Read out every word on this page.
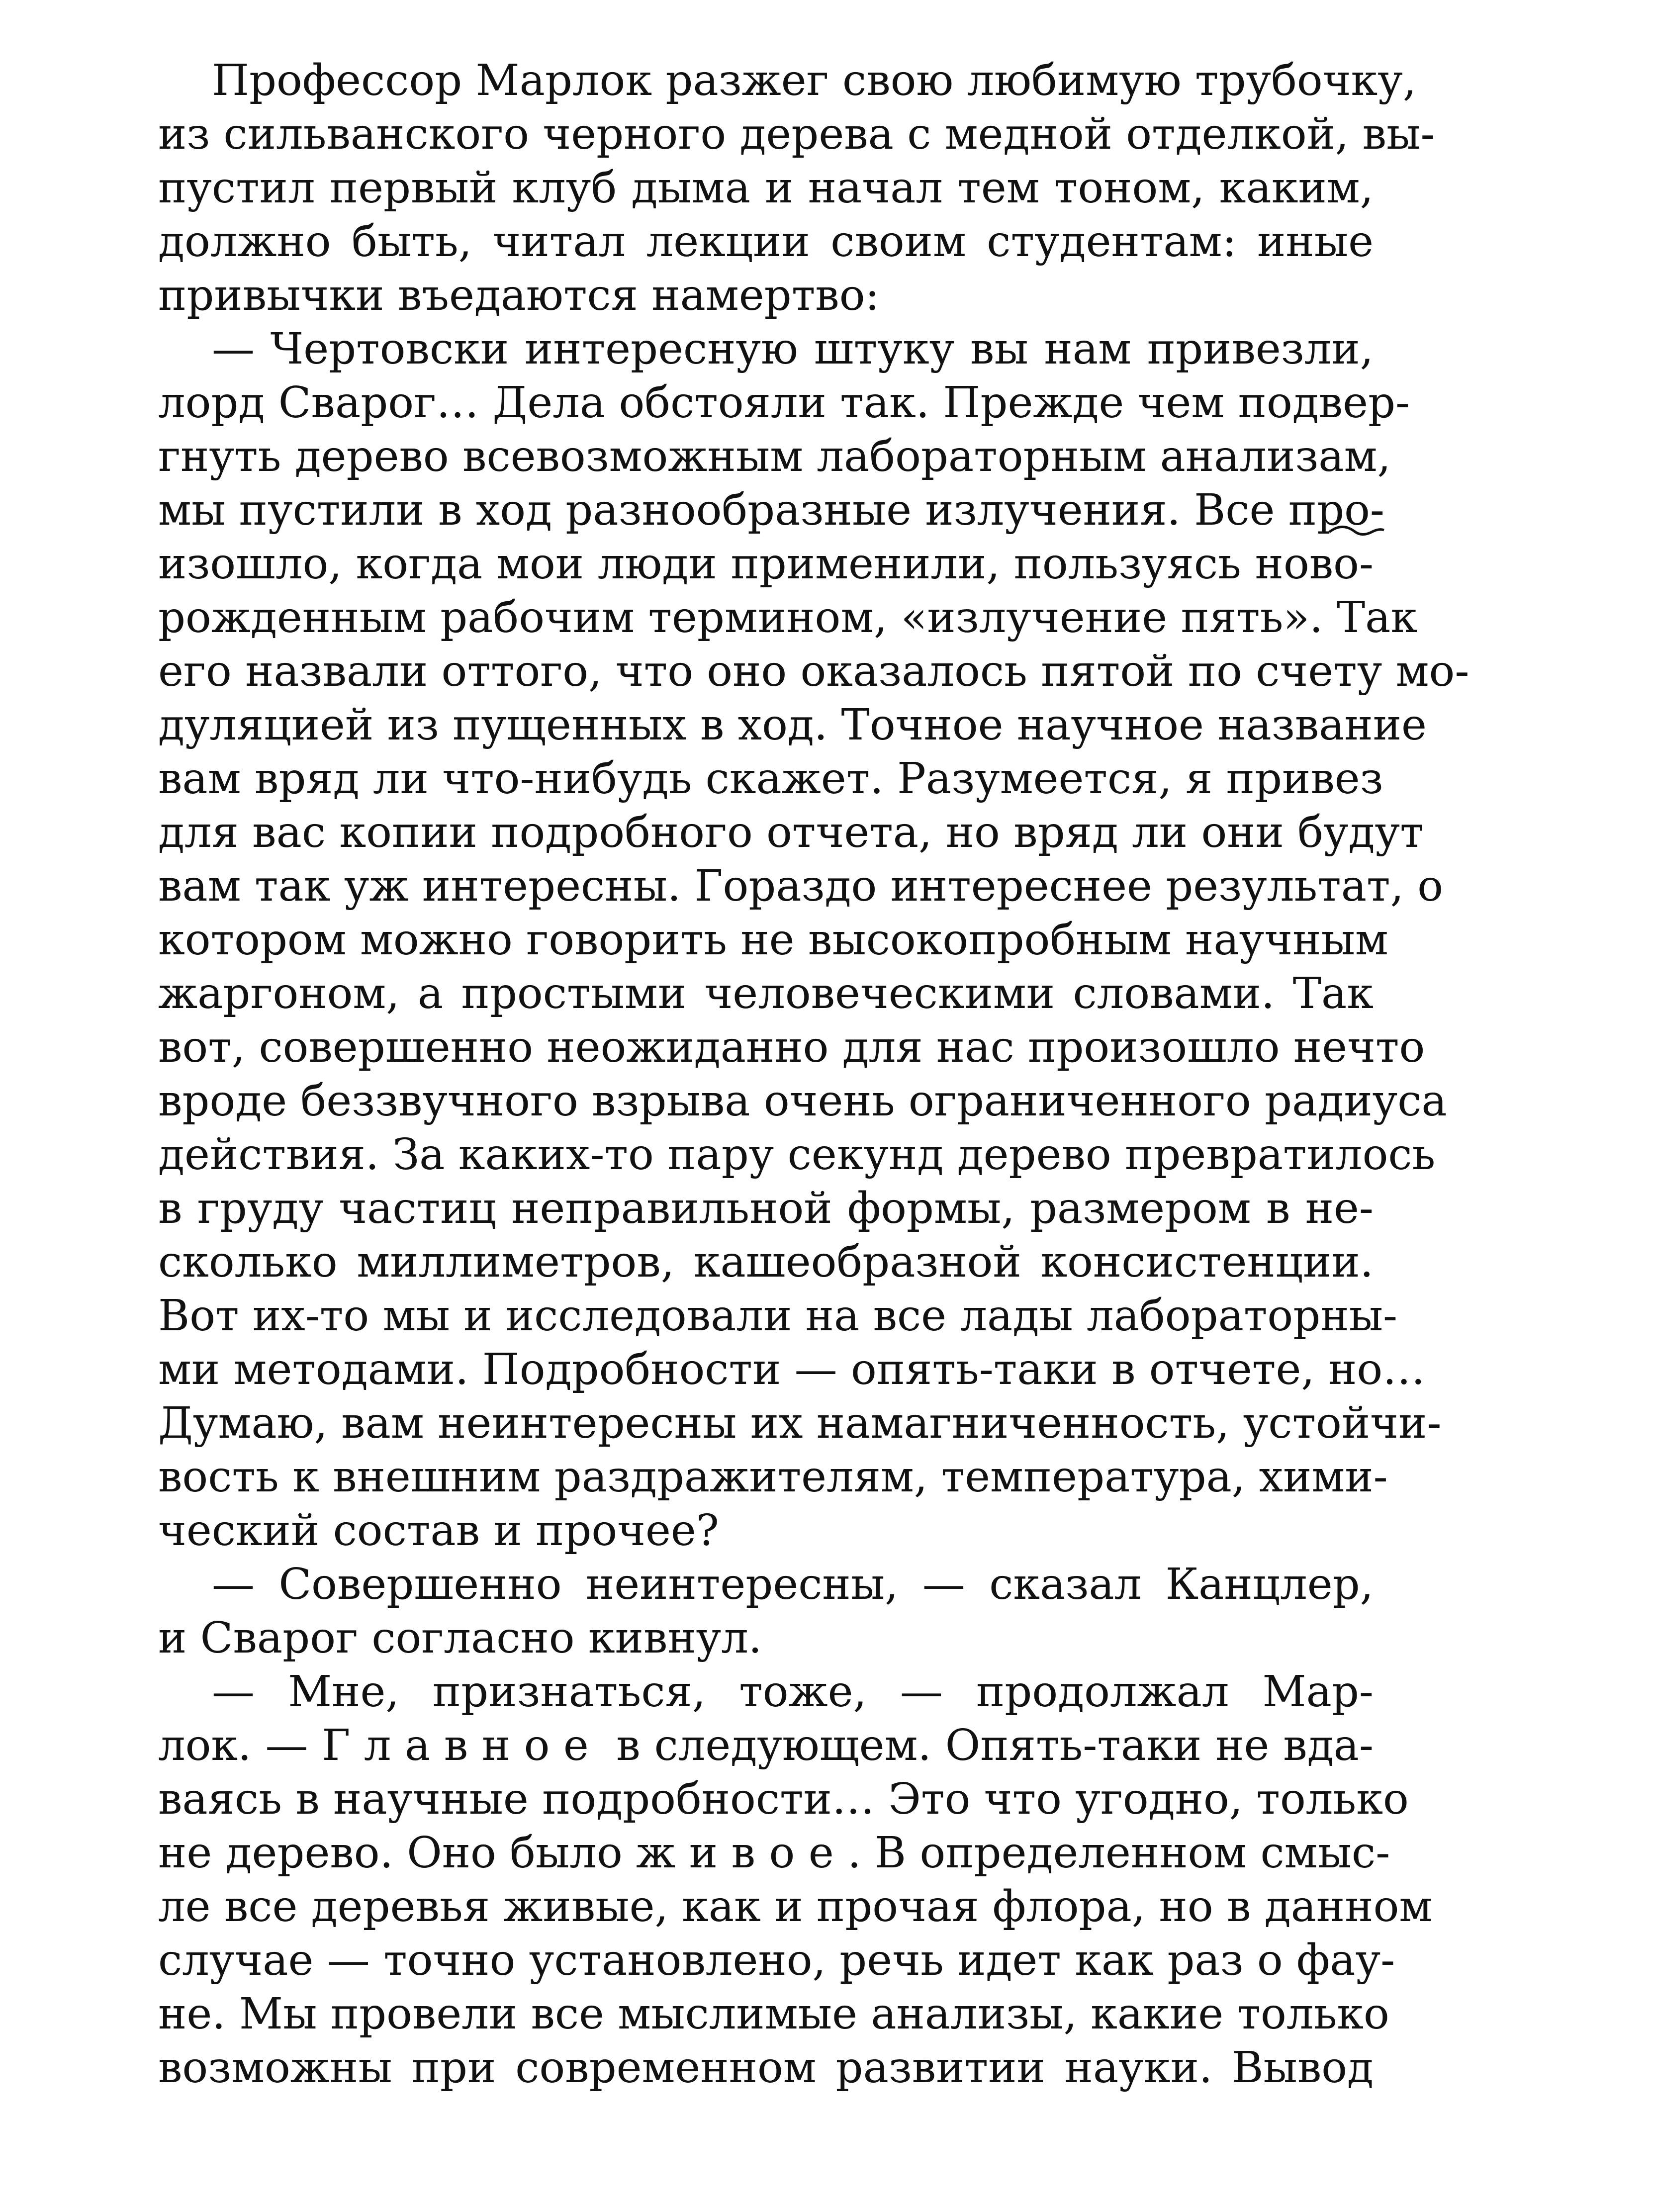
Профессор Марлок разжег свою любимую трубочку,
из сильванского черного дерева с медной отделкой, вы-
пустил первый клуб дыма и начал тем тоном, каким,
должно быть, читал лекции своим студентам: иные
привычки въедаются намертво:
— Чертовски интересную штуку вы нам привезли,
лорд Сварог… Дела обстояли так. Прежде чем подвер-
гнуть дерево всевозможным лабораторным анализам,
мы пустили в ход разнообразные излучения. Все про-
изошло, когда мои люди применили, пользуясь ново-
рожденным рабочим термином, «излучение пять». Так
его назвали оттого, что оно оказалось пятой по счету мо-
дуляцией из пущенных в ход. Точное научное название
вам вряд ли что-нибудь скажет. Разумеется, я привез
для вас копии подробного отчета, но вряд ли они будут
вам так уж интересны. Гораздо интереснее результат, о
котором можно говорить не высокопробным научным
жаргоном, а простыми человеческими словами. Так
вот, совершенно неожиданно для нас произошло нечто
вроде беззвучного взрыва очень ограниченного радиуса
действия. За каких-то пару секунд дерево превратилось
в груду частиц неправильной формы, размером в не-
сколько миллиметров, кашеобразной консистенции.
Вот их-то мы и исследовали на все лады лабораторны-
ми методами. Подробности — опять-таки в отчете, но…
Думаю, вам неинтересны их намагниченность, устойчи-
вость к внешним раздражителям, температура, хими-
ческий состав и прочее?
— Совершенно неинтересны, — сказал Канцлер,
и Сварог согласно кивнул.
— Мне, признаться, тоже, — продолжал Мар-
лок. — Главное в следующем. Опять-таки не вда-
ваясь в научные подробности… Это что угодно, только
не дерево. Оно было живое. В определенном смыс-
ле все деревья живые, как и прочая флора, но в данном
случае — точно установлено, речь идет как раз о фау-
не. Мы провели все мыслимые анализы, какие только
возможны при современном развитии науки. Вывод
